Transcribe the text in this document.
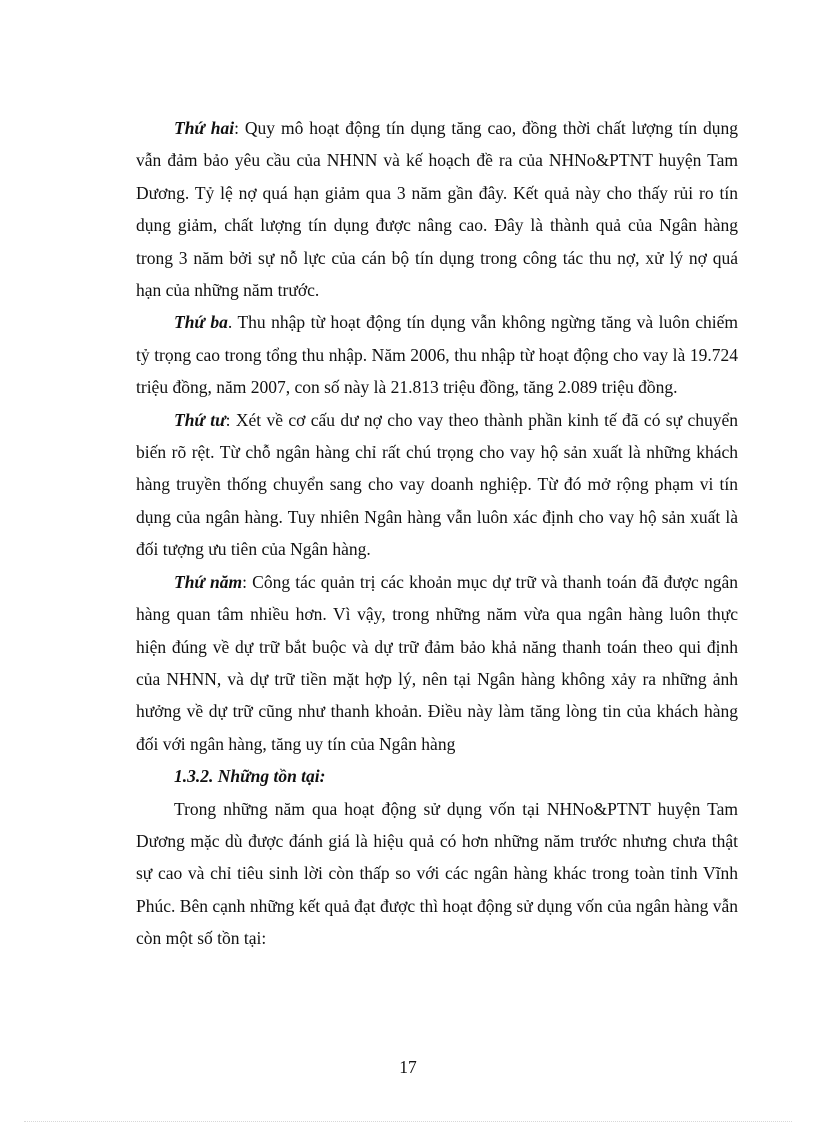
Thứ hai: Quy mô hoạt động tín dụng tăng cao, đồng thời chất lượng tín dụng vẫn đảm bảo yêu cầu của NHNN và kế hoạch đề ra của NHNo&PTNT huyện Tam Dương. Tỷ lệ nợ quá hạn giảm qua 3 năm gần đây. Kết quả này cho thấy rủi ro tín dụng giảm, chất lượng tín dụng được nâng cao. Đây là thành quả của Ngân hàng trong 3 năm bởi sự nỗ lực của cán bộ tín dụng trong công tác thu nợ, xử lý nợ quá hạn của những năm trước.

Thứ ba. Thu nhập từ hoạt động tín dụng vẫn không ngừng tăng và luôn chiếm tỷ trọng cao trong tổng thu nhập. Năm 2006, thu nhập từ hoạt động cho vay là 19.724 triệu đồng, năm 2007, con số này là 21.813 triệu đồng, tăng 2.089 triệu đồng.

Thứ tư: Xét về cơ cấu dư nợ cho vay theo thành phần kinh tế đã có sự chuyển biến rõ rệt. Từ chỗ ngân hàng chỉ rất chú trọng cho vay hộ sản xuất là những khách hàng truyền thống chuyển sang cho vay doanh nghiệp. Từ đó mở rộng phạm vi tín dụng của ngân hàng. Tuy nhiên Ngân hàng vẫn luôn xác định cho vay hộ sản xuất là đối tượng ưu tiên của Ngân hàng.

Thứ năm: Công tác quản trị các khoản mục dự trữ và thanh toán đã được ngân hàng quan tâm nhiều hơn. Vì vậy, trong những năm vừa qua ngân hàng luôn thực hiện đúng về dự trữ bắt buộc và dự trữ đảm bảo khả năng thanh toán theo qui định của NHNN, và dự trữ tiền mặt hợp lý, nên tại Ngân hàng không xảy ra những ảnh hưởng về dự trữ cũng như thanh khoản. Điều này làm tăng lòng tin của khách hàng đối với ngân hàng, tăng uy tín của Ngân hàng

1.3.2. Những tồn tại:

Trong những năm qua hoạt động sử dụng vốn tại NHNo&PTNT huyện Tam Dương mặc dù được đánh giá là hiệu quả có hơn những năm trước nhưng chưa thật sự cao và chỉ tiêu sinh lời còn thấp so với các ngân hàng khác trong toàn tỉnh Vĩnh Phúc. Bên cạnh những kết quả đạt được thì hoạt động sử dụng vốn của ngân hàng vẫn còn một số tồn tại:

17
